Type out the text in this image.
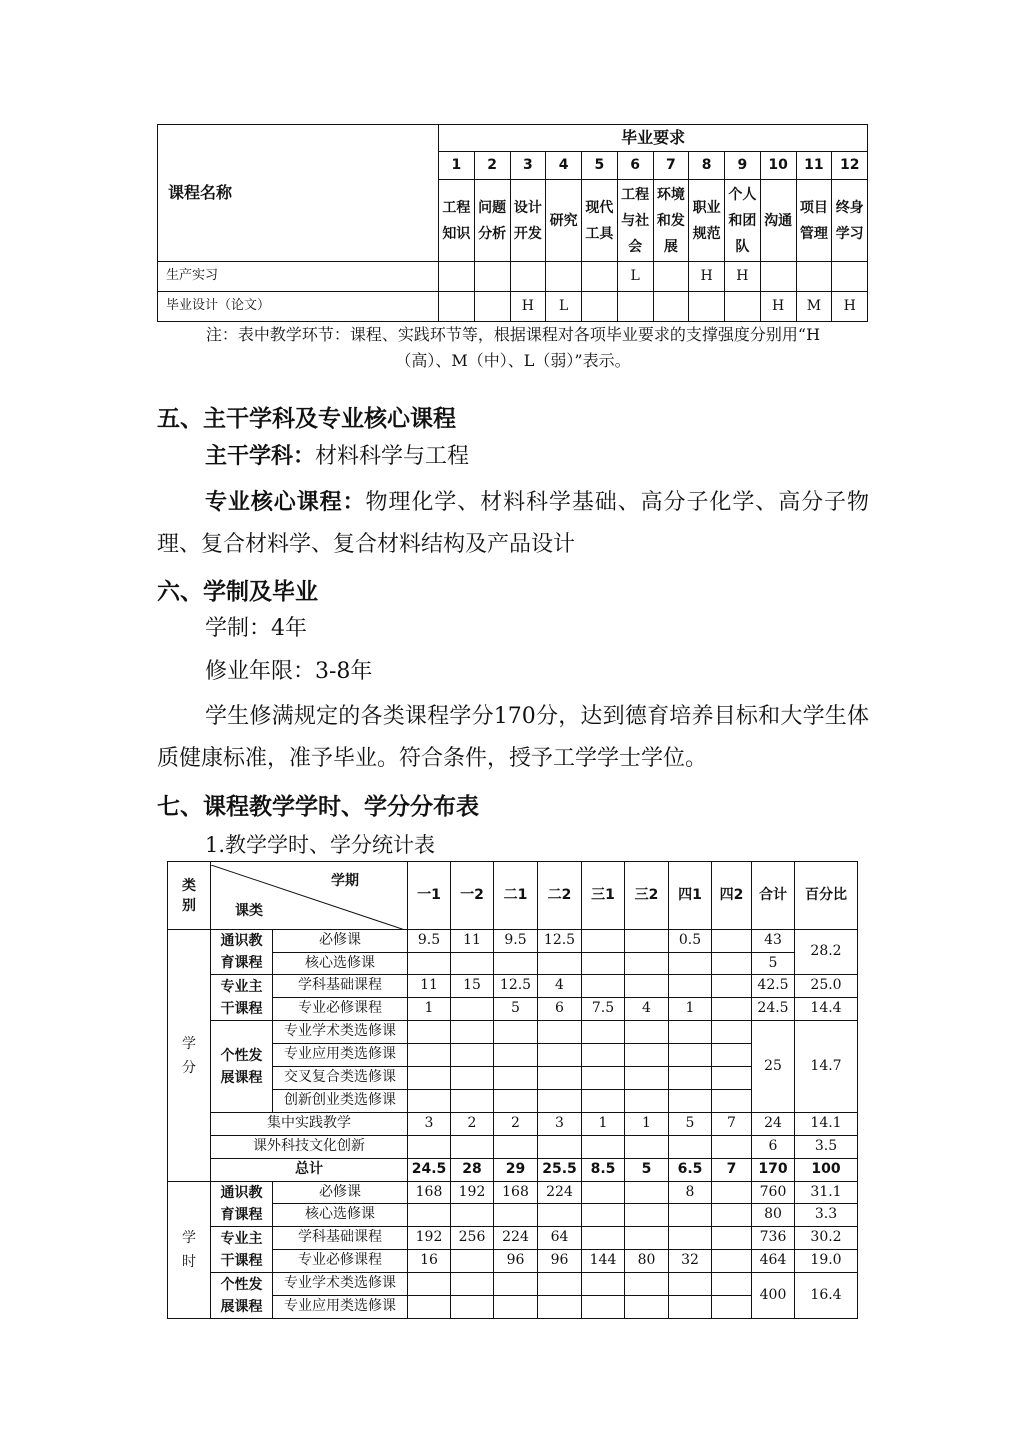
课程名称	毕业要求											
	1	2	3	4	5	6	7	8	9	10	11	12
	工程知识	问题分析	设计开发	研究	现代工具	工程与社会	环境和发展	职业规范	个人和团队	沟通	项目管理	终身学习
生产实习						L		H	H			
毕业设计（论文）			H	L						H	M	H
注：表中教学环节：课程、实践环节等，根据课程对各项毕业要求的支撑强度分别用“H
（高）、M（中）、L（弱）”表示。
五、主干学科及专业核心课程
主干学科：材料科学与工程
专业核心课程：物理化学、材料科学基础、高分子化学、高分子物理、复合材料学、复合材料结构及产品设计
六、学制及毕业
学制：4年
修业年限：3-8年
学生修满规定的各类课程学分170分，达到德育培养目标和大学生体质健康标准，准予毕业。符合条件，授予工学学士学位。
七、课程教学学时、学分分布表
1.教学学时、学分统计表
类别	学期
课类		一1	一2	二1	二2	三1	三2	四1	四2	合计	百分比
学分	通识教育课程	必修课	9.5	11	9.5	12.5			0.5		43	28.2
		核心选修课									5	
	专业主干课程	学科基础课程	11	15	12.5	4					42.5	25.0
		专业必修课程	1		5	6	7.5	4	1		24.5	14.4
	个性发展课程	专业学术类选修课									25	14.7
		专业应用类选修课										
		交叉复合类选修课										
		创新创业类选修课										
	集中实践教学		3	2	2	3	1	1	5	7	24	14.1
	课外科技文化创新										6	3.5
	总计		24.5	28	29	25.5	8.5	5	6.5	7	170	100
学时	通识教育课程	必修课	168	192	168	224			8		760	31.1
		核心选修课									80	3.3
	专业主干课程	学科基础课程	192	256	224	64					736	30.2
		专业必修课程	16		96	96	144	80	32		464	19.0
	个性发展课程	专业学术类选修课									400	16.4
		专业应用类选修课										
